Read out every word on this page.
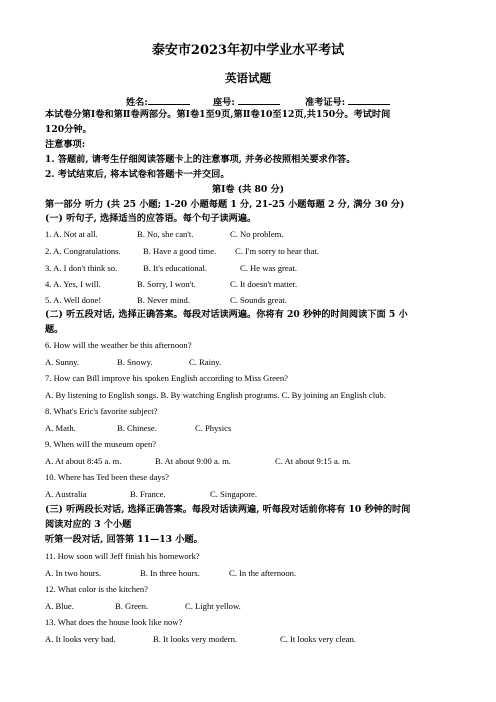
泰安市2023年初中学业水平考试
英语试题
姓名:	座号:	准考证号:
本试卷分第Ⅰ卷和第Ⅱ卷两部分。第Ⅰ卷1至9页,第Ⅱ卷10至12页,共150分。考试时间
120分钟。
注意事项:
1. 答题前, 请考生仔细阅读答题卡上的注意事项, 并务必按照相关要求作答。
2. 考试结束后, 将本试卷和答题卡一并交回。
第Ⅰ卷 (共 80 分)
第一部分 听力 (共 25 小题; 1-20 小题每题 1 分, 21-25 小题每题 2 分, 满分 30 分)
(一) 听句子, 选择适当的应答语。每个句子读两遍。
1. A. Not at all.	B. No, she can't.	C. No problem.
2. A. Congratulations.	B. Have a good time. C. I'm sorry to hear that.
3. A. I don't think so.	B. It's educational.	C. He was great.
4. A. Yes, I will.	B. Sorry, I won't.	C. It doesn't matter.
5. A. Well done!	B. Never mind.	C. Sounds great.
(二) 听五段对话, 选择正确答案。每段对话读两遍。你将有 20 秒钟的时间阅读下面 5 小
题。
6. How will the weather be this afternoon?
A. Sunny.	B. Snowy.	C. Rainy.
7. How can Bill improve his spoken English according to Miss Green?
A. By listening to English songs. B. By watching English programs. C. By joining an English club.
8. What's Eric's favorite subject?
A. Math.	B. Chinese.	C. Physics
9. When will the museum open?
A. At about 8:45 a. m.	B. At about 9:00 a. m.	C. At about 9:15 a. m.
10. Where has Ted been these days?
A. Australia	B. France.	C. Singapore.
(三) 听两段长对话, 选择正确答案。每段对话读两遍, 听每段对话前你将有 10 秒钟的时间
阅读对应的 3 个小题
听第一段对话, 回答第 11—13 小题。
11. How soon will Jeff finish his homework?
A. In two hours.	B. In three hours.	C. In the afternoon.
12. What color is the kitchen?
A. Blue.	B. Green.	C. Light yellow.
13. What does the house look like now?
A. It looks very bad.	B. It looks very modern.	C. It looks very clean.
